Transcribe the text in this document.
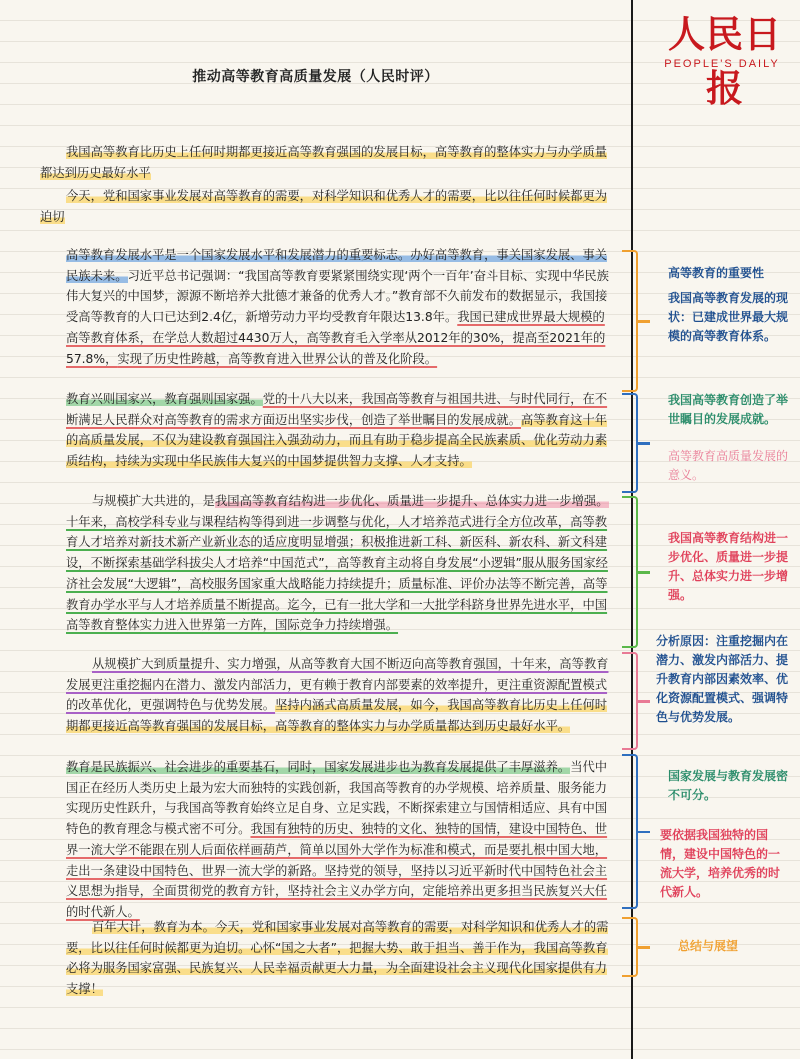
人民日报
PEOPLE'S DAILY
推动高等教育高质量发展（人民时评）

我国高等教育比历史上任何时期都更接近高等教育强国的发展目标，高等教育的整体实力与办学质量都达到历史最好水平

今天，党和国家事业发展对高等教育的需要，对科学知识和优秀人才的需要，比以往任何时候都更为迫切

高等教育发展水平是一个国家发展水平和发展潜力的重要标志。办好高等教育，事关国家发展、事关民族未来。习近平总书记强调：“我国高等教育要紧紧围绕实现‘两个一百年’奋斗目标、实现中华民族伟大复兴的中国梦，源源不断培养大批德才兼备的优秀人才。”教育部不久前发布的数据显示，我国接受高等教育的人口已达到2.4亿，新增劳动力平均受教育年限达13.8年。我国已建成世界最大规模的高等教育体系，在学总人数超过4430万人，高等教育毛入学率从2012年的30%，提高至2021年的57.8%，实现了历史性跨越，高等教育进入世界公认的普及化阶段。

教育兴则国家兴，教育强则国家强。党的十八大以来，我国高等教育与祖国共进、与时代同行，在不断满足人民群众对高等教育的需求方面迈出坚实步伐，创造了举世瞩目的发展成就。高等教育这十年的高质量发展，不仅为建设教育强国注入强劲动力，而且有助于稳步提高全民族素质、优化劳动力素质结构，持续为实现中华民族伟大复兴的中国梦提供智力支撑、人才支持。

与规模扩大共进的，是我国高等教育结构进一步优化、质量进一步提升、总体实力进一步增强。十年来，高校学科专业与课程结构等得到进一步调整与优化，人才培养范式进行全方位改革，高等教育人才培养对新技术新产业新业态的适应度明显增强；积极推进新工科、新医科、新农科、新文科建设，不断探索基础学科拔尖人才培养“中国范式”，高等教育主动将自身发展“小逻辑”服从服务国家经济社会发展“大逻辑”，高校服务国家重大战略能力持续提升；质量标准、评价办法等不断完善，高等教育办学水平与人才培养质量不断提高。迄今，已有一批大学和一大批学科跻身世界先进水平，中国高等教育整体实力进入世界第一方阵，国际竞争力持续增强。

从规模扩大到质量提升、实力增强，从高等教育大国不断迈向高等教育强国，十年来，高等教育发展更注重挖掘内在潜力、激发内部活力，更有赖于教育内部要素的效率提升，更注重资源配置模式的改革优化，更强调特色与优势发展。坚持内涵式高质量发展，如今，我国高等教育比历史上任何时期都更接近高等教育强国的发展目标，高等教育的整体实力与办学质量都达到历史最好水平。

教育是民族振兴、社会进步的重要基石，同时，国家发展进步也为教育发展提供了丰厚滋养。当代中国正在经历人类历史上最为宏大而独特的实践创新，我国高等教育的办学规模、培养质量、服务能力实现历史性跃升，与我国高等教育始终立足自身、立足实践，不断探索建立与国情相适应、具有中国特色的教育理念与模式密不可分。我国有独特的历史、独特的文化、独特的国情，建设中国特色、世界一流大学不能跟在别人后面依样画葫芦，简单以国外大学作为标准和模式，而是要扎根中国大地，走出一条建设中国特色、世界一流大学的新路。坚持党的领导，坚持以习近平新时代中国特色社会主义思想为指导，全面贯彻党的教育方针，坚持社会主义办学方向，定能培养出更多担当民族复兴大任的时代新人。

百年大计，教育为本。今天，党和国家事业发展对高等教育的需要，对科学知识和优秀人才的需要，比以往任何时候都更为迫切。心怀“国之大者”，把握大势、敢于担当、善于作为，我国高等教育必将为服务国家富强、民族复兴、人民幸福贡献更大力量，为全面建设社会主义现代化国家提供有力支撑！

高等教育的重要性

我国高等教育发展的现状：已建成世界最大规模的高等教育体系。

我国高等教育创造了举世瞩目的发展成就。

高等教育高质量发展的意义。

我国高等教育结构进一步优化、质量进一步提升、总体实力进一步增强。

分析原因：注重挖掘内在潜力、激发内部活力、提升教育内部因素效率、优化资源配置模式、强调特色与优势发展。

国家发展与教育发展密不可分。

要依据我国独特的国情，建设中国特色的一流大学，培养优秀的时代新人。

总结与展望
